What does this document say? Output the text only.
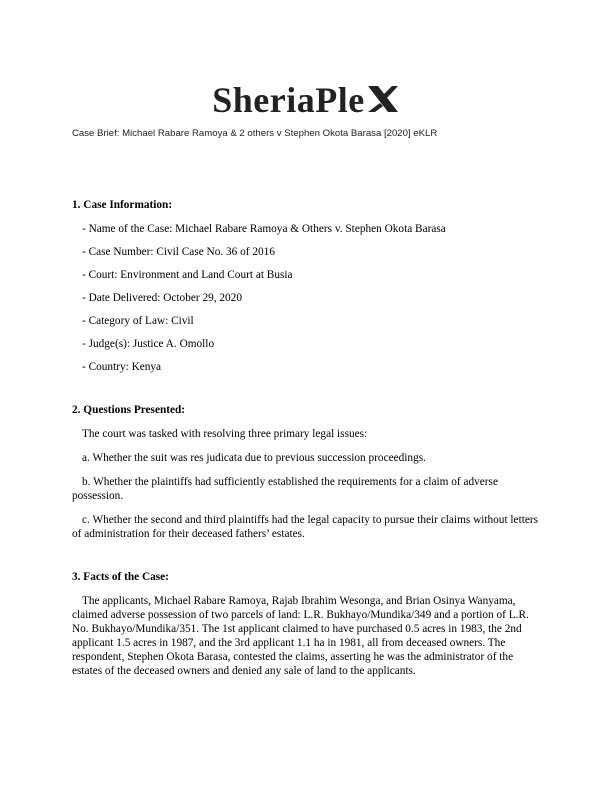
SheriaPle
Case Brief: Michael Rabare Ramoya & 2 others v Stephen Okota Barasa [2020] eKLR
1. Case Information:
- Name of the Case: Michael Rabare Ramoya & Others v. Stephen Okota Barasa
- Case Number: Civil Case No. 36 of 2016
- Court: Environment and Land Court at Busia
- Date Delivered: October 29, 2020
- Category of Law: Civil
- Judge(s): Justice A. Omollo
- Country: Kenya
2. Questions Presented:

The court was tasked with resolving three primary legal issues:

a. Whether the suit was res judicata due to previous succession proceedings.

b. Whether the plaintiffs had sufficiently established the requirements for a claim of adverse possession.

c. Whether the second and third plaintiffs had the legal capacity to pursue their claims without letters of administration for their deceased fathers’ estates.

3. Facts of the Case:

The applicants, Michael Rabare Ramoya, Rajab Ibrahim Wesonga, and Brian Osinya Wanyama, claimed adverse possession of two parcels of land: L.R. Bukhayo/Mundika/349 and a portion of L.R. No. Bukhayo/Mundika/351. The 1st applicant claimed to have purchased 0.5 acres in 1983, the 2nd applicant 1.5 acres in 1987, and the 3rd applicant 1.1 ha in 1981, all from deceased owners. The respondent, Stephen Okota Barasa, contested the claims, asserting he was the administrator of the estates of the deceased owners and denied any sale of land to the applicants.
